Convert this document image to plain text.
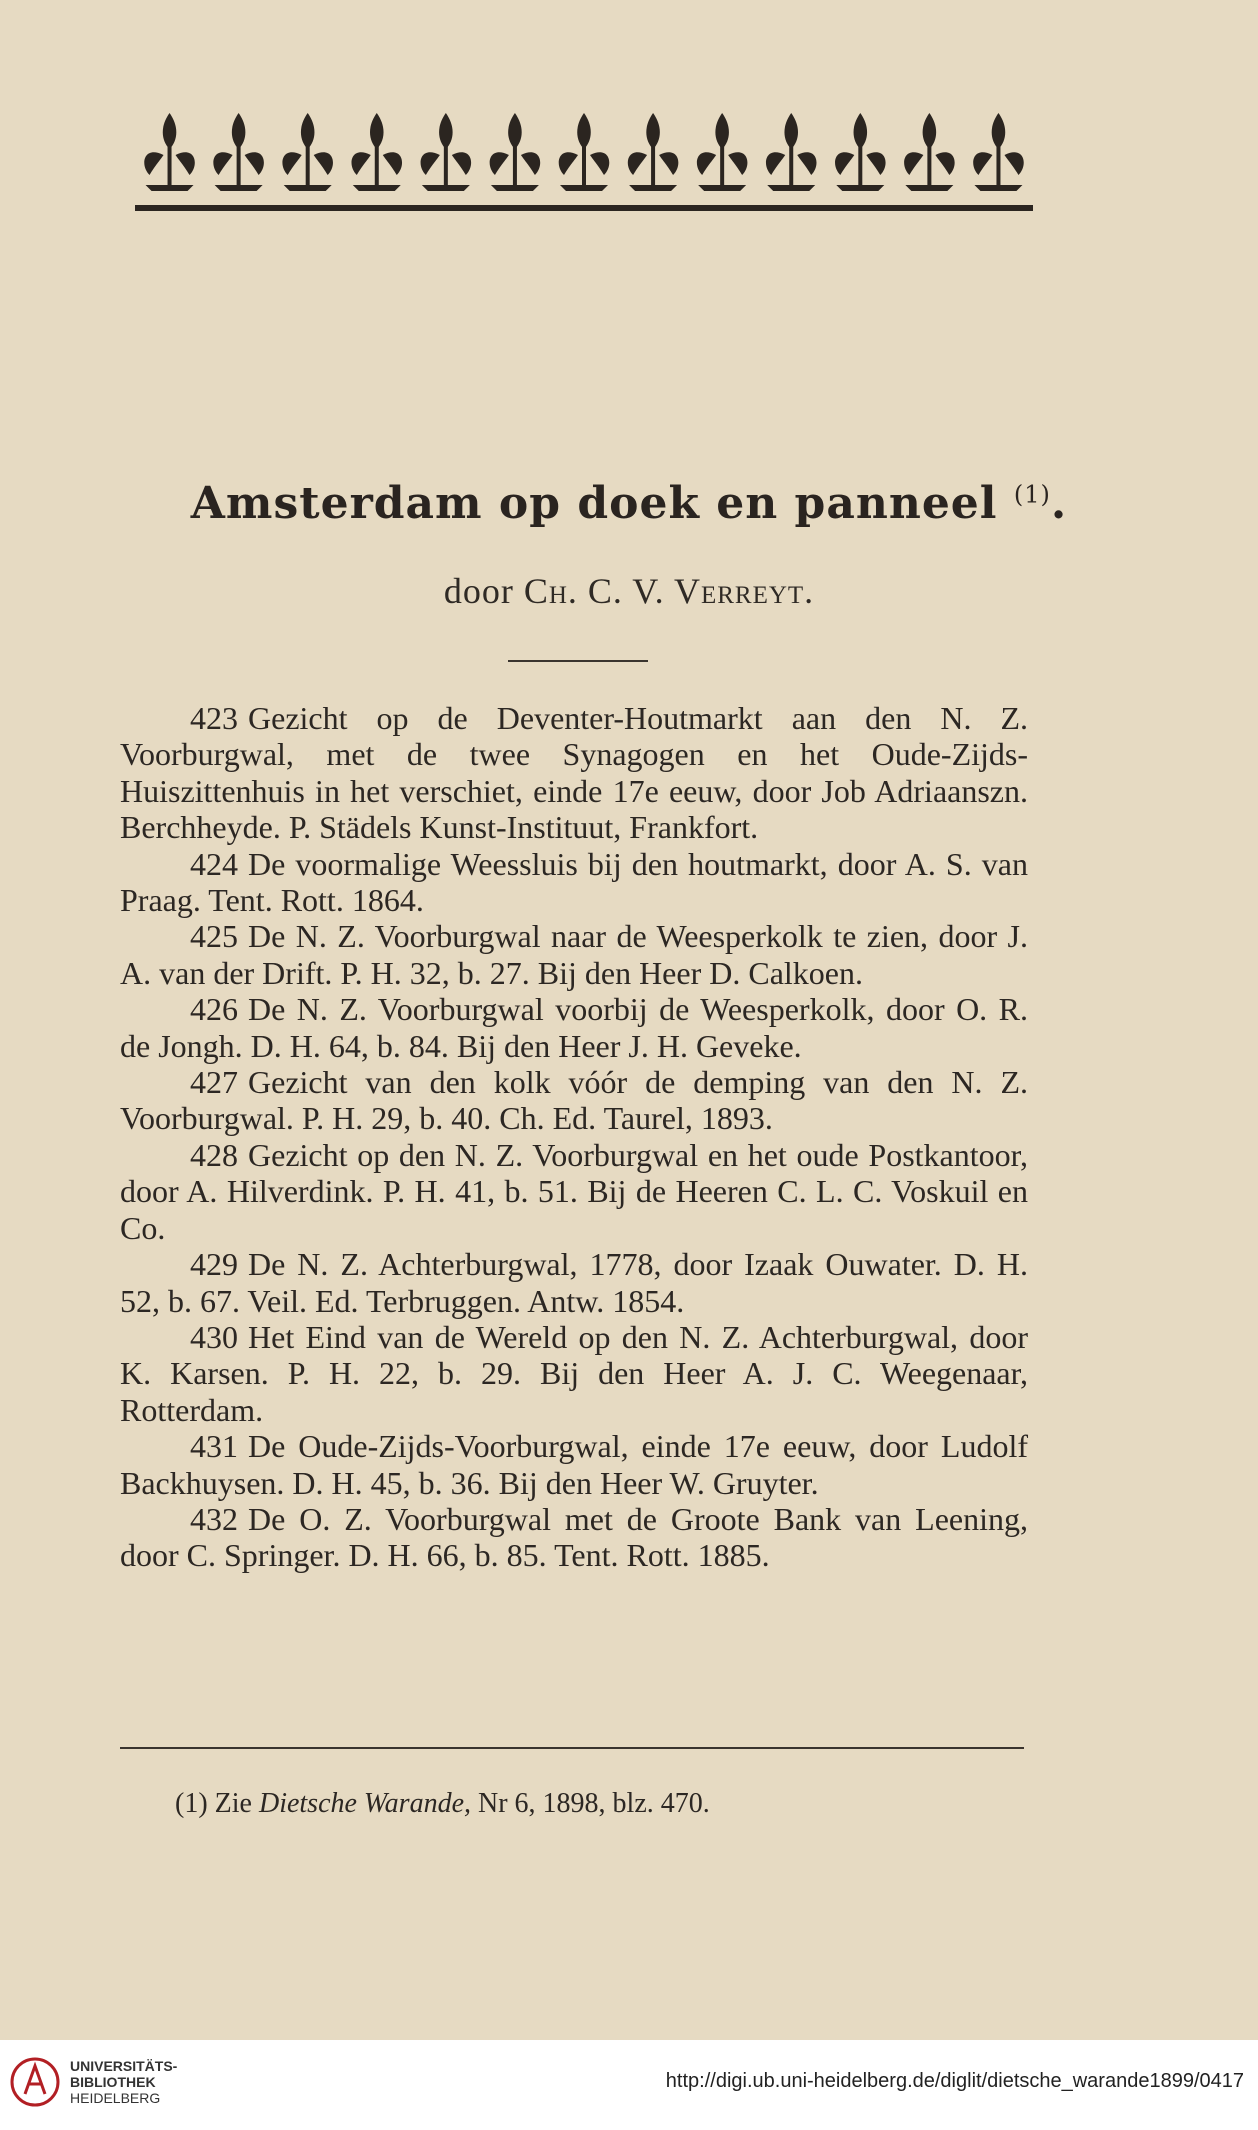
Amsterdam op doek en panneel $^{(1)}$.
door Ch. C. V. Verreyt.

423 Gezicht op de Deventer-Houtmarkt aan den N. Z. Voorburgwal, met de twee Synagogen en het Oude-Zijds-Huiszittenhuis in het verschiet, einde 17e eeuw, door Job Adriaanszn. Berchheyde. P. Städels Kunst-Instituut, Frankfort.

424 De voormalige Weessluis bij den houtmarkt, door A. S. van Praag. Tent. Rott. 1864.

425 De N. Z. Voorburgwal naar de Weesperkolk te zien, door J. A. van der Drift. P. H. 32, b. 27. Bij den Heer D. Calkoen.

426 De N. Z. Voorburgwal voorbij de Weesperkolk, door O. R. de Jongh. D. H. 64, b. 84. Bij den Heer J. H. Geveke.

427 Gezicht van den kolk vóór de demping van den N. Z. Voorburgwal. P. H. 29, b. 40. Ch. Ed. Taurel, 1893.

428 Gezicht op den N. Z. Voorburgwal en het oude Postkantoor, door A. Hilverdink. P. H. 41, b. 51. Bij de Heeren C. L. C. Voskuil en Co.

429 De N. Z. Achterburgwal, 1778, door Izaak Ouwater. D. H. 52, b. 67. Veil. Ed. Terbruggen. Antw. 1854.

430 Het Eind van de Wereld op den N. Z. Achterburgwal, door K. Karsen. P. H. 22, b. 29. Bij den Heer A. J. C. Weegenaar, Rotterdam.

431 De Oude-Zijds-Voorburgwal, einde 17e eeuw, door Ludolf Backhuysen. D. H. 45, b. 36. Bij den Heer W. Gruyter.

432 De O. Z. Voorburgwal met de Groote Bank van Leening, door C. Springer. D. H. 66, b. 85. Tent. Rott. 1885.

(1) Zie Dietsche Warande, Nr 6, 1898, blz. 470.
UNIVERSITÄTS-
BIBLIOTHEK
HEIDELBERG
http://digi.ub.uni-heidelberg.de/diglit/dietsche_warande1899/0417
